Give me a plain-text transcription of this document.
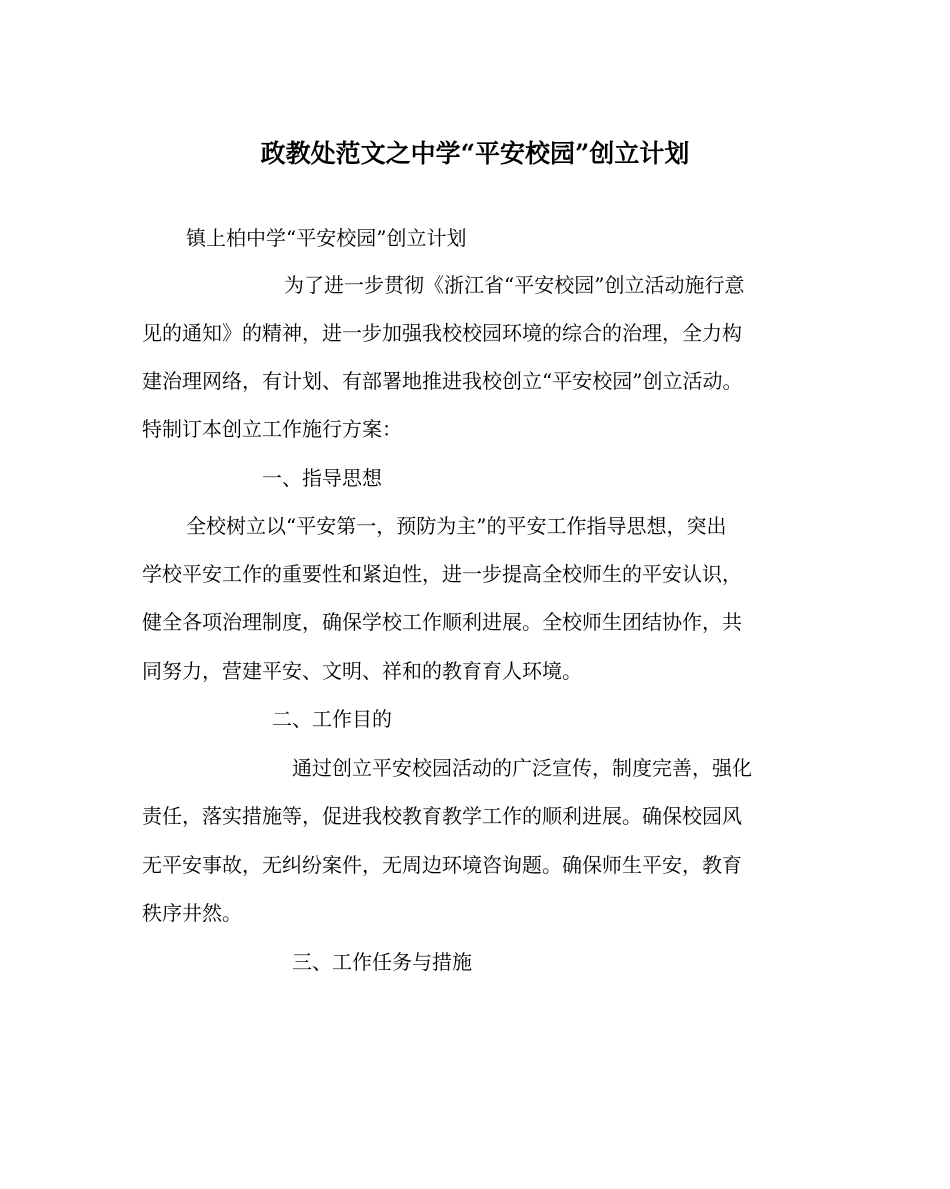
政教处范文之中学“平安校园”创立计划
镇上柏中学“平安校园”创立计划
为了进一步贯彻《浙江省“平安校园”创立活动施行意
见的通知》的精神，进一步加强我校校园环境的综合的治理，全力构
建治理网络，有计划、有部署地推进我校创立“平安校园”创立活动。
特制订本创立工作施行方案：
一、指导思想
全校树立以“平安第一，预防为主”的平安工作指导思想，突出
学校平安工作的重要性和紧迫性，进一步提高全校师生的平安认识，
健全各项治理制度，确保学校工作顺利进展。全校师生团结协作，共
同努力，营建平安、文明、祥和的教育育人环境。
二、工作目的
通过创立平安校园活动的广泛宣传，制度完善，强化
责任，落实措施等，促进我校教育教学工作的顺利进展。确保校园风
无平安事故，无纠纷案件，无周边环境咨询题。确保师生平安，教育
秩序井然。
三、工作任务与措施
